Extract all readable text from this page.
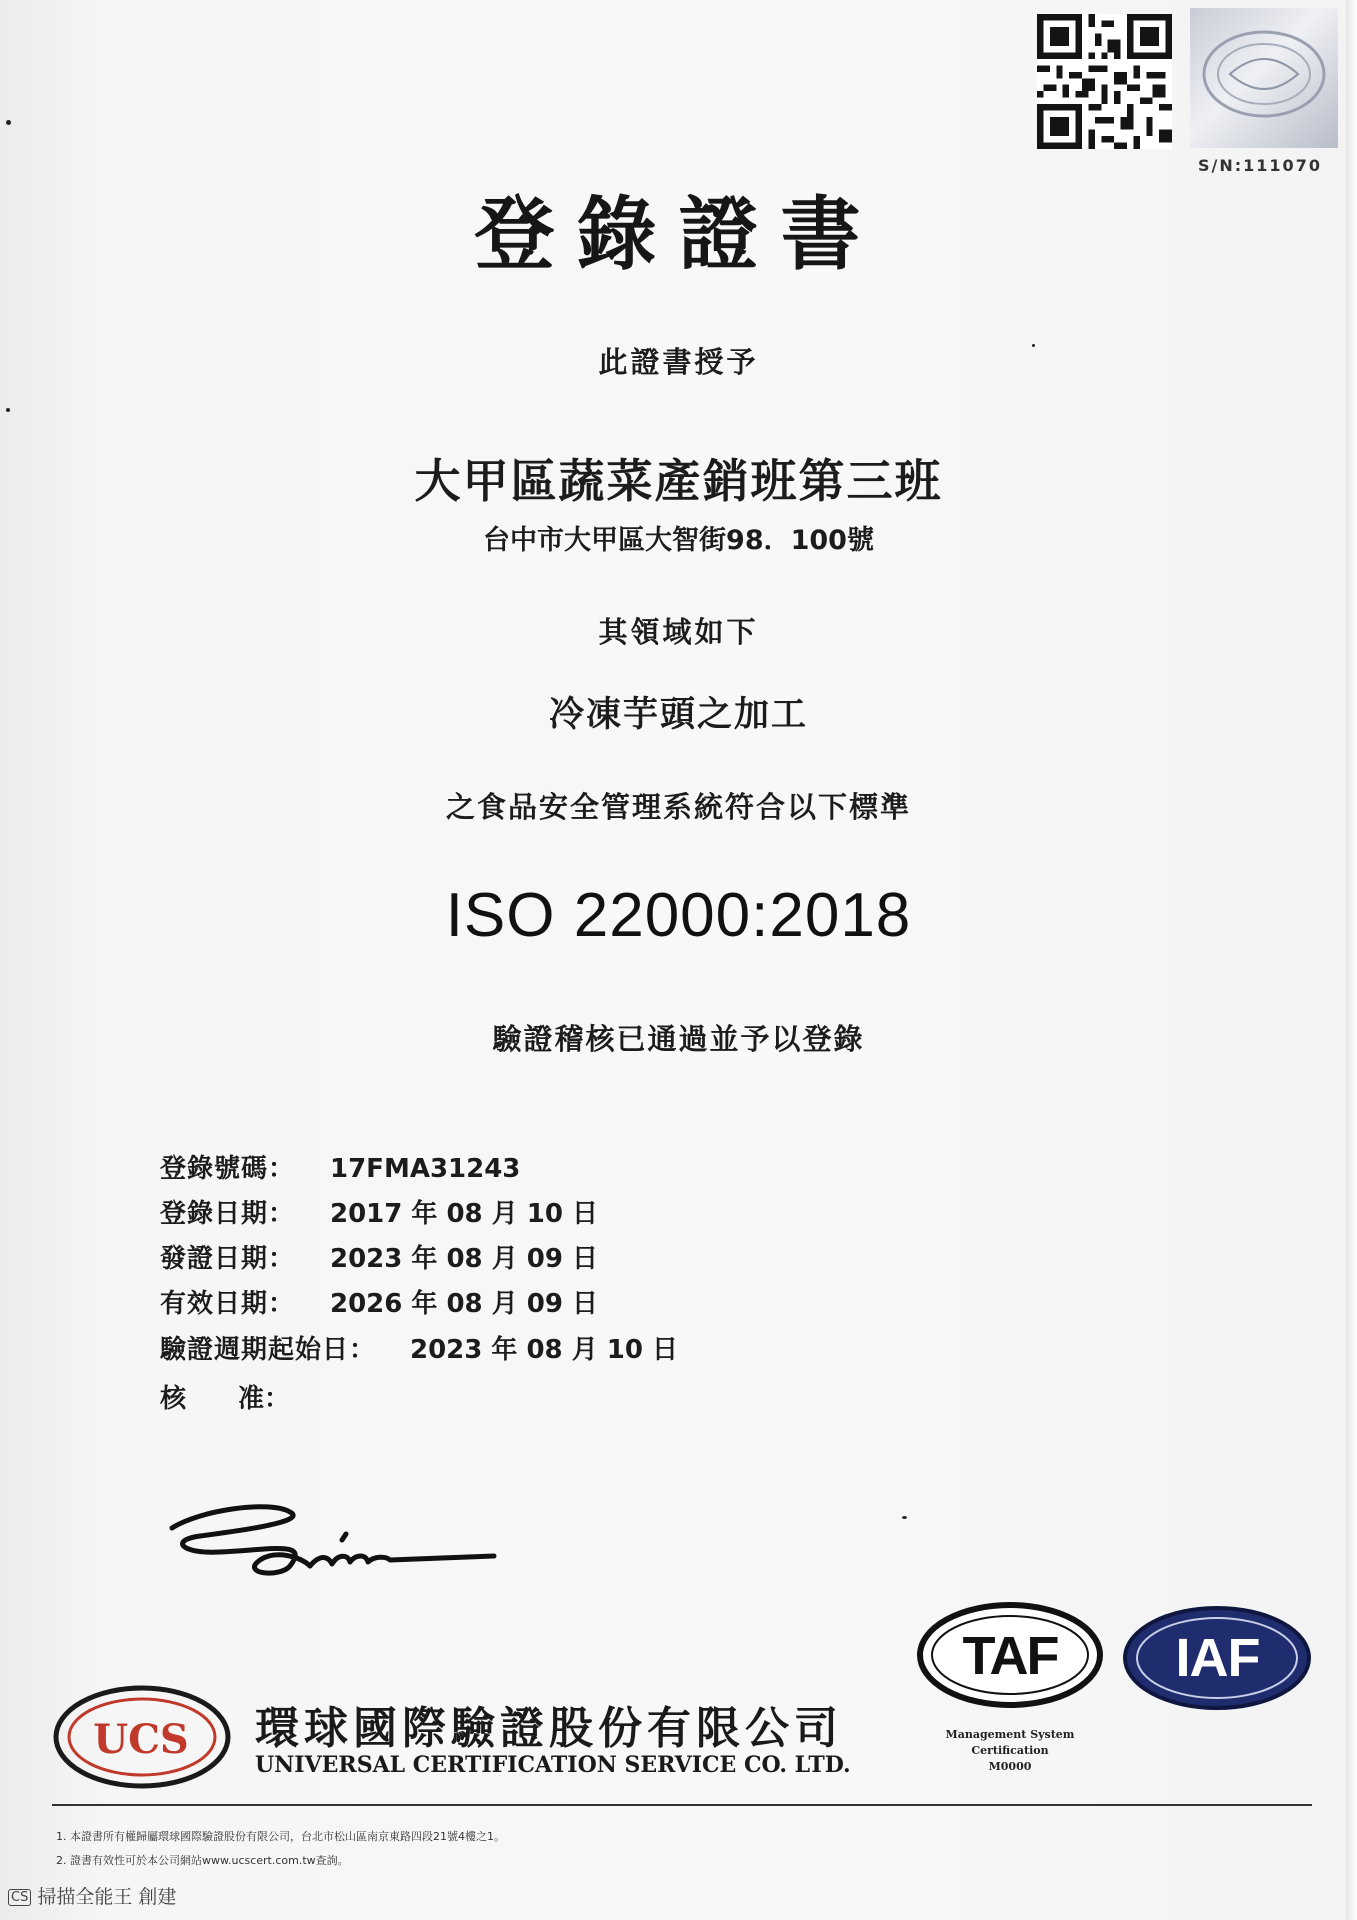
S/N:111070
登錄證書
此證書授予
大甲區蔬菜產銷班第三班
台中市大甲區大智街98．100號
其領域如下
冷凍芋頭之加工
之食品安全管理系統符合以下標準
ISO 22000:2018
驗證稽核已通過並予以登錄
登錄號碼： 17FMA31243
登錄日期： 2017 年 08 月 10 日
發證日期： 2023 年 08 月 09 日
有效日期： 2026 年 08 月 09 日
驗證週期起始日： 2023 年 08 月 10 日
核　　准：
UCS	環球國際驗證股份有限公司
UNIVERSAL CERTIFICATION SERVICE CO. LTD.
TAF
Management System
Certification
M0000
IAF
1. 本證書所有權歸屬環球國際驗證股份有限公司，台北市松山區南京東路四段21號4樓之1。
2. 證書有效性可於本公司網站www.ucscert.com.tw查詢。
CS 掃描全能王 創建
